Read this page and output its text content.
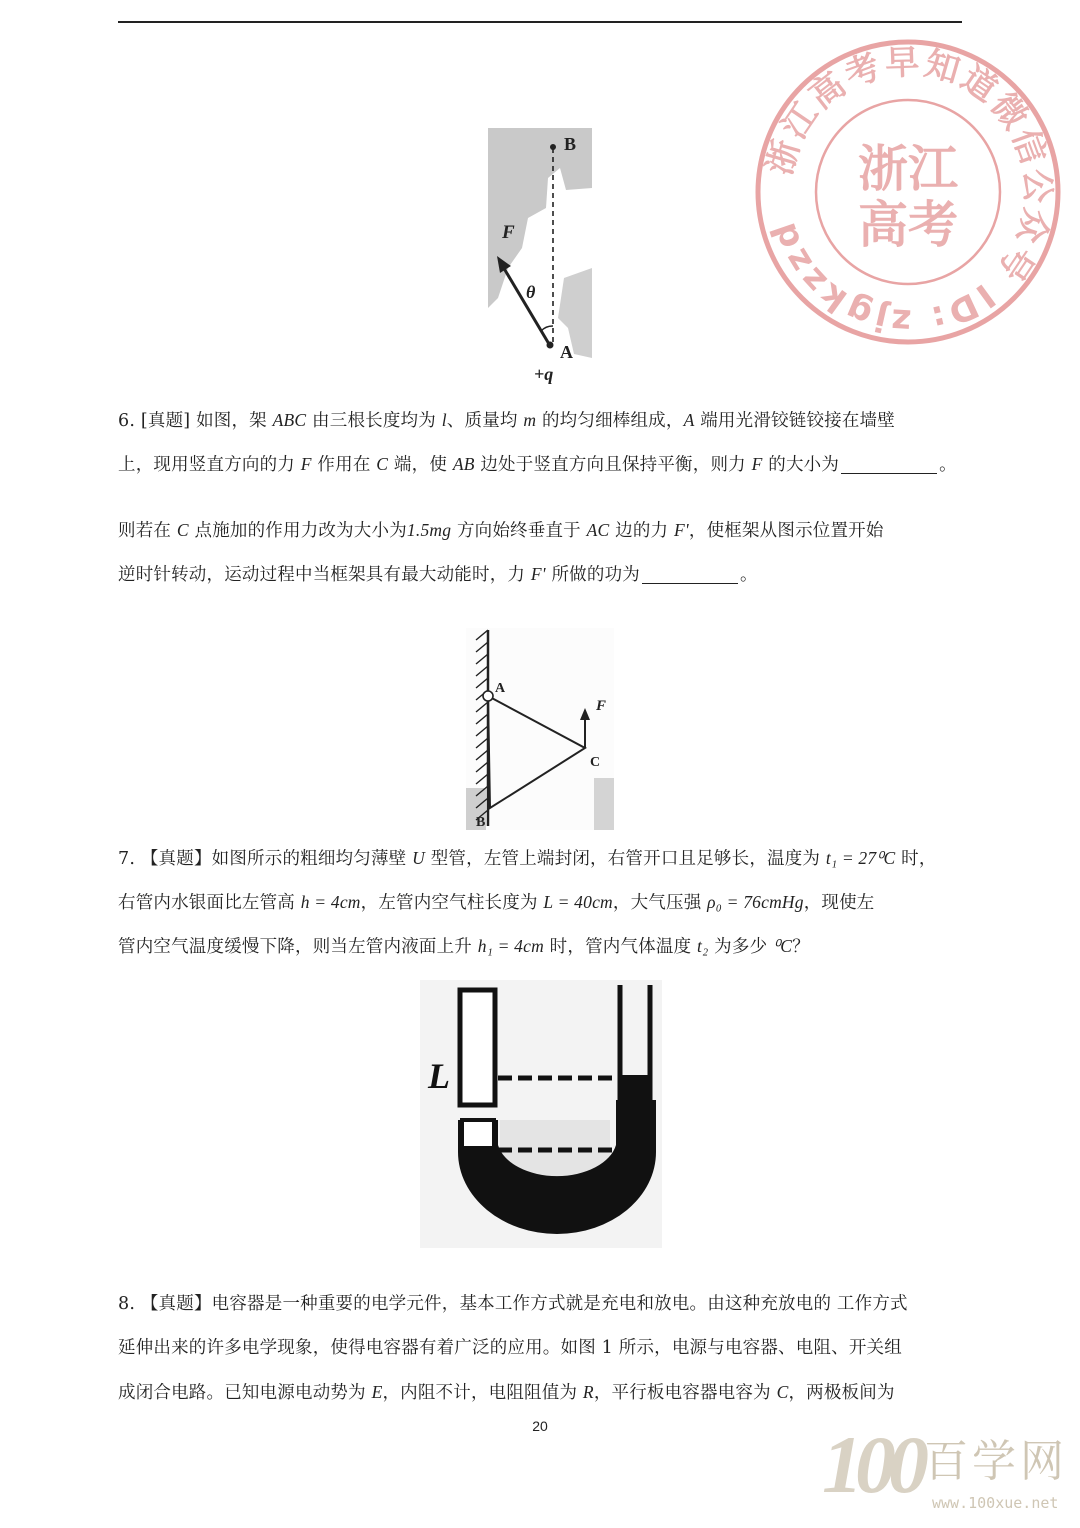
浙江高考早知道微信公众号 ID: zjgkzzd
浙江
高考
B
F
θ
A
+q
6. [真题] 如图，架 ABC 由三根长度均为 l、质量均 m 的均匀细棒组成，A 端用光滑铰链铰接在墙壁
上，现用竖直方向的力 F 作用在 C 端，使 AB 边处于竖直方向且保持平衡，则力 F 的大小为	。
则若在 C 点施加的作用力改为大小为1.5mg 方向始终垂直于 AC 边的力 F'，使框架从图示位置开始
逆时针转动，运动过程中当框架具有最大动能时，力 F' 所做的功为	。
A
F
C
B
7. 【真题】如图所示的粗细均匀薄壁 U 型管，左管上端封闭，右管开口且足够长，温度为 t₁ = 27⁰C 时，
右管内水银面比左管高 h = 4cm，左管内空气柱长度为 L = 40cm，大气压强 ρ₀ = 76cmHg，现使左
管内空气温度缓慢下降，则当左管内液面上升 h₁ = 4cm 时，管内气体温度 t₂ 为多少 ⁰C？
L
8. 【真题】电容器是一种重要的电学元件，基本工作方式就是充电和放电。由这种充放电的 工作方式
延伸出来的许多电学现象，使得电容器有着广泛的应用。如图 1 所示，电源与电容器、电阻、开关组
成闭合电路。已知电源电动势为 E，内阻不计，电阻阻值为 R，平行板电容器电容为 C，两极板间为
20	100 百学网
www.100xue.net
